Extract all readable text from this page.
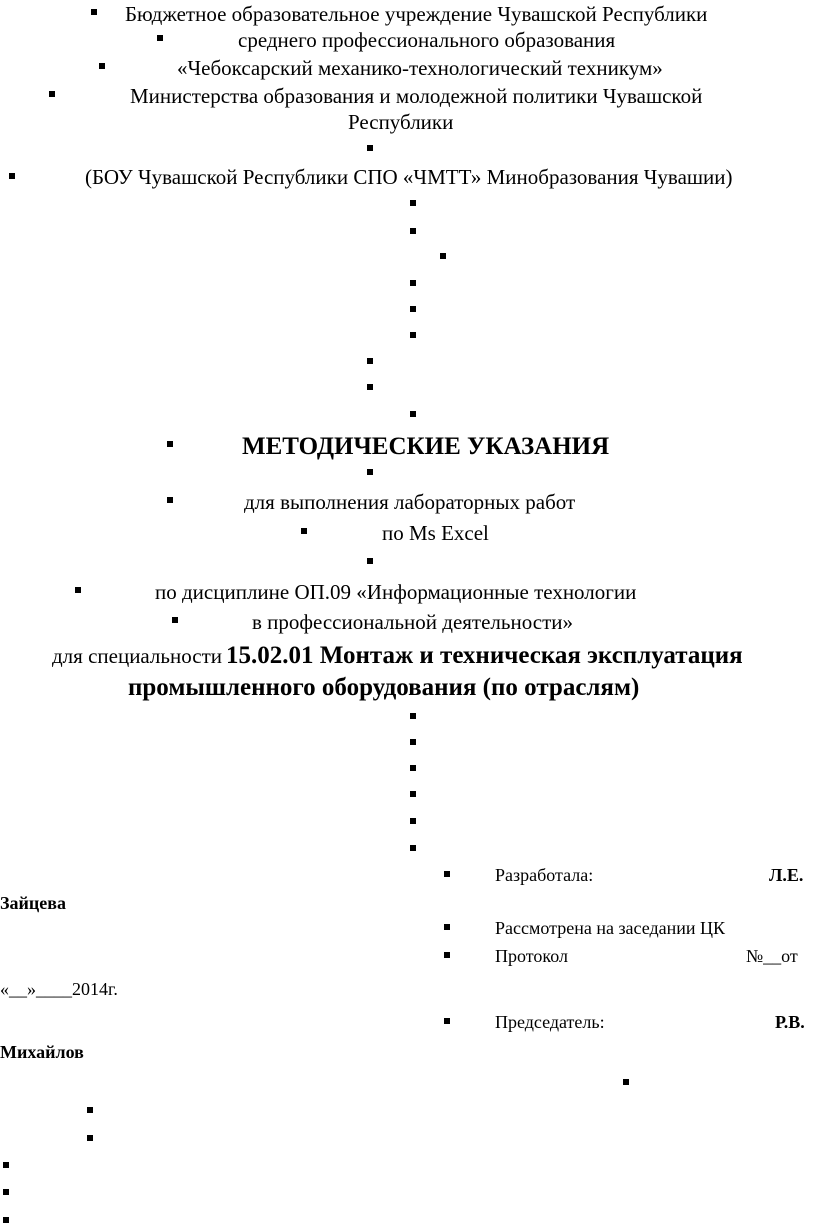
Бюджетное образовательное учреждение Чувашской Республики
среднего профессионального образования
«Чебоксарский механико-технологический техникум»
Министерства образования и молодежной политики Чувашской
Республики
(БОУ Чувашской Республики СПО «ЧМТТ» Минобразования Чувашии)
МЕТОДИЧЕСКИЕ УКАЗАНИЯ
для выполнения лабораторных работ
по Ms Excel
по дисциплине ОП.09 «Информационные технологии
в профессиональной деятельности»
для специальности 15.02.01 Монтаж и техническая эксплуатация
промышленного оборудования (по отраслям)
Разработала:	Л.Е.
Зайцева
Рассмотрена на заседании ЦК
Протокол	№__от
«__»____2014г.
Председатель:	Р.В.
Михайлов
